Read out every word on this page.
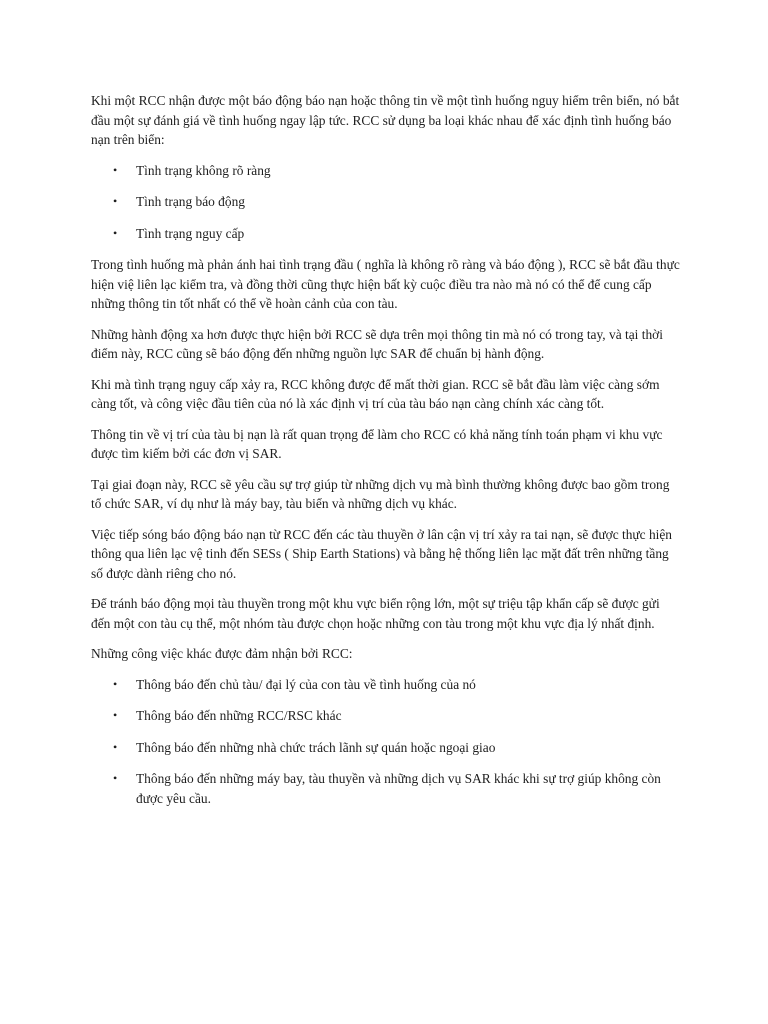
Khi một RCC nhận được một báo động báo nạn hoặc thông tin về một tình huống nguy hiểm trên biển, nó bắt đầu một sự đánh giá về tình huống ngay lập tức. RCC sử dụng ba loại khác nhau để xác định tình huống báo nạn trên biển:

• Tình trạng không rõ ràng
• Tình trạng báo động
• Tình trạng nguy cấp

Trong tình huống mà phản ánh hai tình trạng đầu ( nghĩa là không rõ ràng và báo động ), RCC sẽ bắt đầu thực hiện việ liên lạc kiểm tra, và đồng thời cũng thực hiện bất kỳ cuộc điều tra nào mà nó có thể để cung cấp những thông tin tốt nhất có thể về hoàn cảnh của con tàu.

Những hành động xa hơn được thực hiện bởi RCC sẽ dựa trên mọi thông tin mà nó có trong tay, và tại thời điểm này, RCC cũng sẽ báo động đến những nguồn lực SAR để chuẩn bị hành động.

Khi mà tình trạng nguy cấp xảy ra, RCC không được để mất thời gian. RCC sẽ bắt đầu làm việc càng sớm càng tốt, và công việc đầu tiên của nó là xác định vị trí của tàu báo nạn càng chính xác càng tốt.

Thông tin về vị trí của tàu bị nạn là rất quan trọng để làm cho RCC có khả năng tính toán phạm vi khu vực được tìm kiếm bởi các đơn vị SAR.

Tại giai đoạn này, RCC sẽ yêu cầu sự trợ giúp từ những dịch vụ mà bình thường không được bao gồm trong tổ chức SAR, ví dụ như là máy bay, tàu biển và những dịch vụ khác.

Việc tiếp sóng báo động báo nạn từ RCC đến các tàu thuyền ở lân cận vị trí xảy ra tai nạn, sẽ được thực hiện thông qua liên lạc vệ tinh đến SESs ( Ship Earth Stations) và bằng hệ thống liên lạc mặt đất trên những tầng số được dành riêng cho nó.

Để tránh báo động mọi tàu thuyền trong một khu vực biển rộng lớn, một sự triệu tập khẩn cấp sẽ được gửi đến một con tàu cụ thể, một nhóm tàu được chọn hoặc những con tàu trong một khu vực địa lý nhất định.

Những công việc khác được đảm nhận bởi RCC:

• Thông báo đến chủ tàu/ đại lý của con tàu về tình huống của nó
• Thông báo đến những RCC/RSC khác
• Thông báo đến những nhà chức trách lãnh sự quán hoặc ngoại giao
• Thông báo đến những máy bay, tàu thuyền và những dịch vụ SAR khác khi sự trợ giúp không còn được yêu cầu.
